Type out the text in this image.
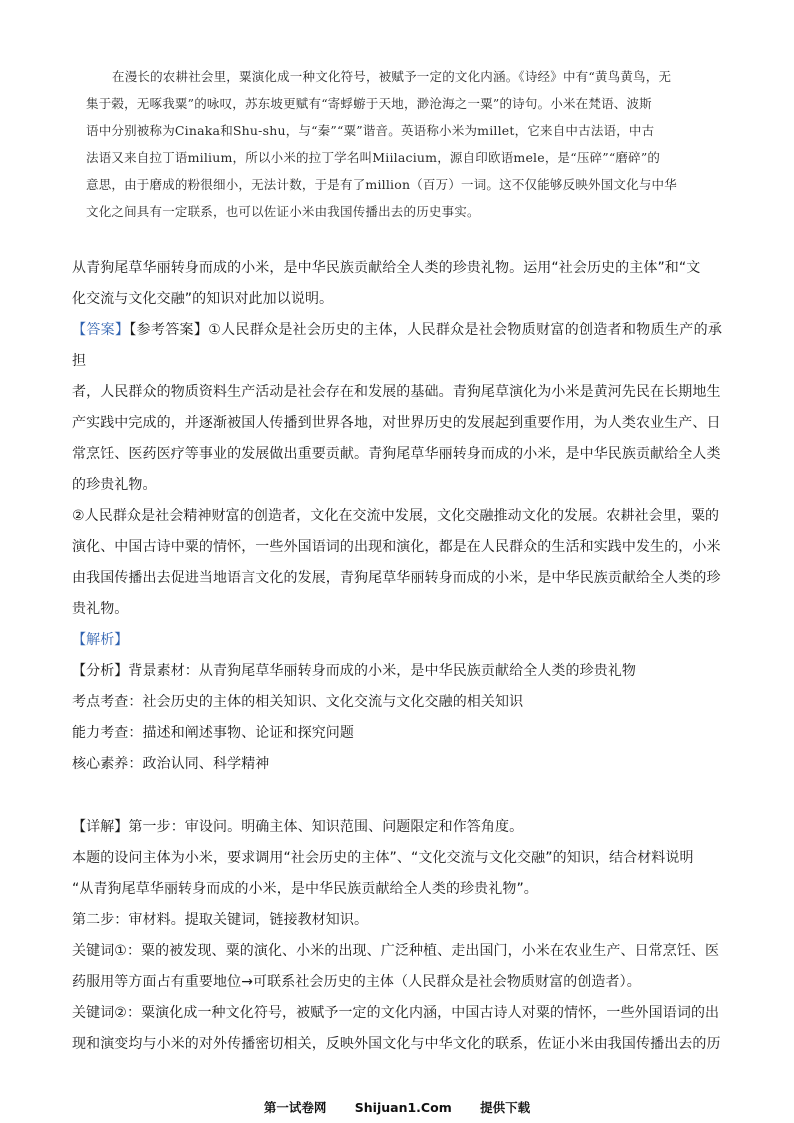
在漫长的农耕社会里，粟演化成一种文化符号，被赋予一定的文化内涵。《诗经》中有“黄鸟黄鸟，无

集于榖，无啄我粟”的咏叹，苏东坡更赋有“寄蜉蝣于天地，渺沧海之一粟”的诗句。小米在梵语、波斯

语中分别被称为Cinaka和Shu-shu，与“秦”“粟”谐音。英语称小米为millet，它来自中古法语，中古

法语又来自拉丁语milium，所以小米的拉丁学名叫Miilacium，源自印欧语mele，是“压碎”“磨碎”的

意思，由于磨成的粉很细小，无法计数，于是有了million（百万）一词。这不仅能够反映外国文化与中华

文化之间具有一定联系，也可以佐证小米由我国传播出去的历史事实。

从青狗尾草华丽转身而成的小米，是中华民族贡献给全人类的珍贵礼物。运用“社会历史的主体”和“文

化交流与文化交融”的知识对此加以说明。

【答案】【参考答案】①人民群众是社会历史的主体，人民群众是社会物质财富的创造者和物质生产的承担

者，人民群众的物质资料生产活动是社会存在和发展的基础。青狗尾草演化为小米是黄河先民在长期地生

产实践中完成的，并逐渐被国人传播到世界各地，对世界历史的发展起到重要作用，为人类农业生产、日

常烹饪、医药医疗等事业的发展做出重要贡献。青狗尾草华丽转身而成的小米，是中华民族贡献给全人类

的珍贵礼物。

②人民群众是社会精神财富的创造者，文化在交流中发展，文化交融推动文化的发展。农耕社会里，粟的

演化、中国古诗中粟的情怀，一些外国语词的出现和演化，都是在人民群众的生活和实践中发生的，小米

由我国传播出去促进当地语言文化的发展，青狗尾草华丽转身而成的小米，是中华民族贡献给全人类的珍

贵礼物。

【解析】

【分析】背景素材：从青狗尾草华丽转身而成的小米，是中华民族贡献给全人类的珍贵礼物

考点考查：社会历史的主体的相关知识、文化交流与文化交融的相关知识

能力考查：描述和阐述事物、论证和探究问题

核心素养：政治认同、科学精神

【详解】第一步：审设问。明确主体、知识范围、问题限定和作答角度。

本题的设问主体为小米，要求调用“社会历史的主体”、“文化交流与文化交融”的知识，结合材料说明

“从青狗尾草华丽转身而成的小米，是中华民族贡献给全人类的珍贵礼物”。

第二步：审材料。提取关键词，链接教材知识。

关键词①：粟的被发现、粟的演化、小米的出现、广泛种植、走出国门，小米在农业生产、日常烹饪、医

药服用等方面占有重要地位→可联系社会历史的主体（人民群众是社会物质财富的创造者）。

关键词②：粟演化成一种文化符号，被赋予一定的文化内涵，中国古诗人对粟的情怀，一些外国语词的出

现和演变均与小米的对外传播密切相关，反映外国文化与中华文化的联系，佐证小米由我国传播出去的历

第一试卷网 Shijuan1.Com 提供下载
